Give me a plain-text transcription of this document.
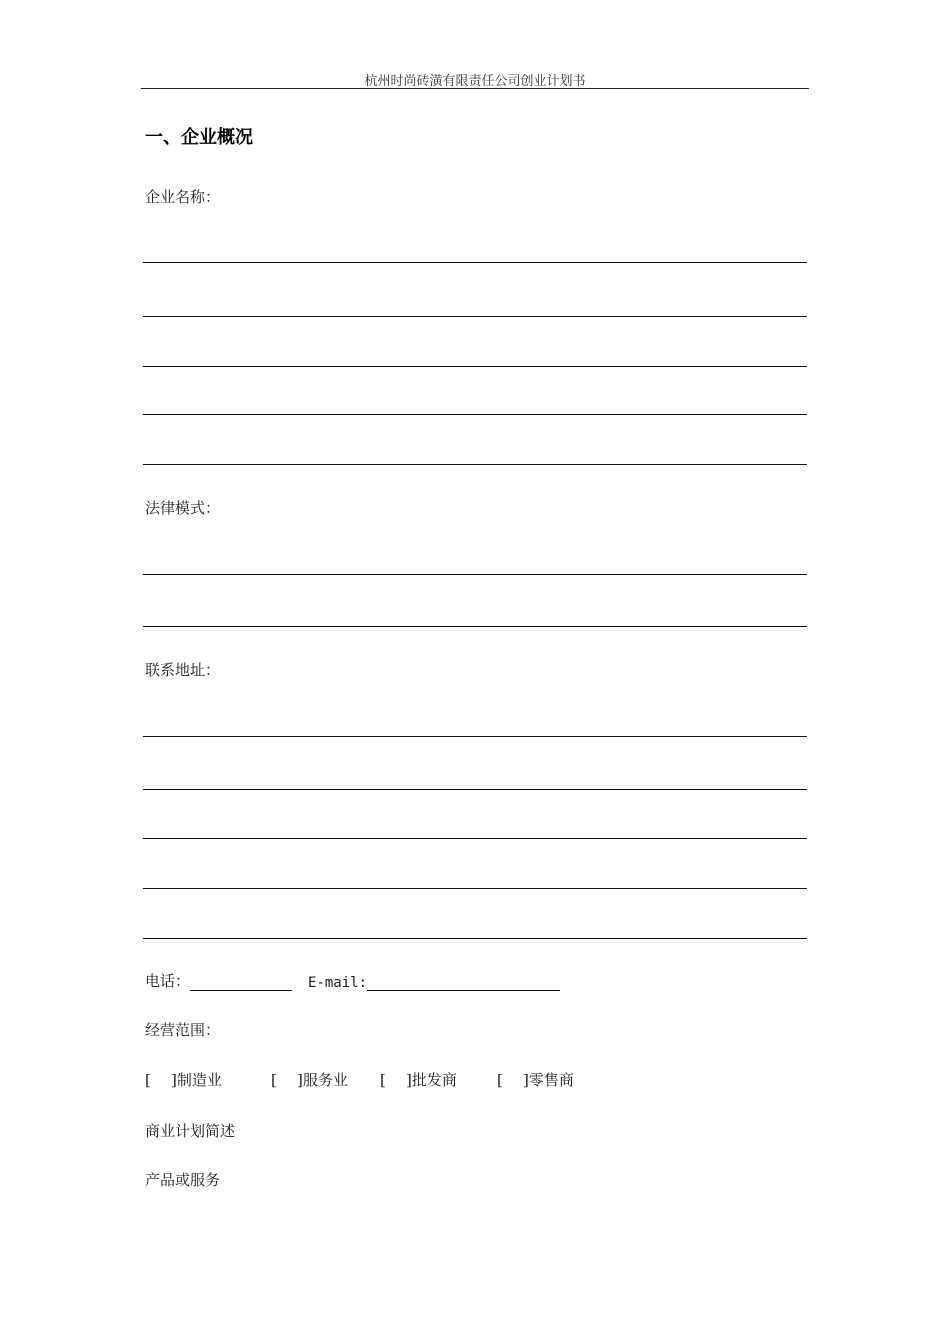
杭州时尚砖潢有限责任公司创业计划书
一、企业概况
企业名称：
法律模式：
联系地址：
电话：	E-mail:
经营范围：
[ ]制造业	[ ]服务业 [ ]批发商	[ ]零售商
商业计划简述
产品或服务
